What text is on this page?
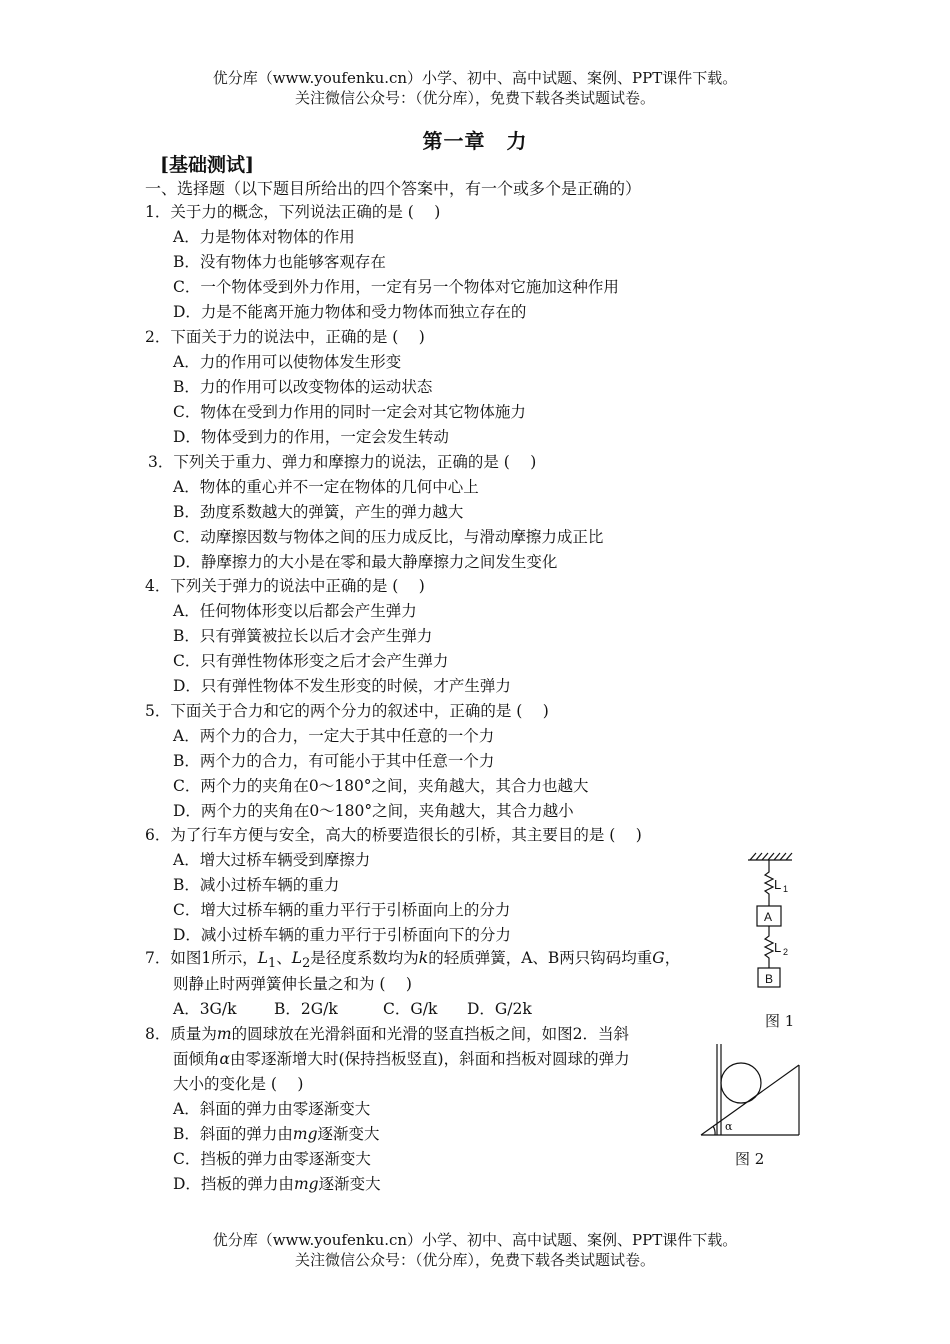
优分库（www.youfenku.cn）小学、初中、高中试题、案例、PPT课件下载。
关注微信公众号：（优分库），免费下载各类试题试卷。
第一章　力
[基础测试]
一、选择题（以下题目所给出的四个答案中，有一个或多个是正确的）
1．关于力的概念，下列说法正确的是 (　 )
A．力是物体对物体的作用
B．没有物体力也能够客观存在
C．一个物体受到外力作用，一定有另一个物体对它施加这种作用
D．力是不能离开施力物体和受力物体而独立存在的
2．下面关于力的说法中，正确的是 (　 )
A．力的作用可以使物体发生形变
B．力的作用可以改变物体的运动状态
C．物体在受到力作用的同时一定会对其它物体施力
D．物体受到力的作用，一定会发生转动
3．下列关于重力、弹力和摩擦力的说法，正确的是 (　 )
A．物体的重心并不一定在物体的几何中心上
B．劲度系数越大的弹簧，产生的弹力越大
C．动摩擦因数与物体之间的压力成反比，与滑动摩擦力成正比
D．静摩擦力的大小是在零和最大静摩擦力之间发生变化
4．下列关于弹力的说法中正确的是 (　 )
A．任何物体形变以后都会产生弹力
B．只有弹簧被拉长以后才会产生弹力
C．只有弹性物体形变之后才会产生弹力
D．只有弹性物体不发生形变的时候，才产生弹力
5．下面关于合力和它的两个分力的叙述中，正确的是 (　 )
A．两个力的合力，一定大于其中任意的一个力
B．两个力的合力，有可能小于其中任意一个力
C．两个力的夹角在0～180°之间，夹角越大，其合力也越大
D．两个力的夹角在0～180°之间，夹角越大，其合力越小
6．为了行车方便与安全，高大的桥要造很长的引桥，其主要目的是 (　 )
A．增大过桥车辆受到摩擦力
B．减小过桥车辆的重力
C．增大过桥车辆的重力平行于引桥面向上的分力
D．减小过桥车辆的重力平行于引桥面向下的分力
7．如图1所示，$L_1$、$L_2$是径度系数均为k的轻质弹簧，A、B两只钩码均重G，
则静止时两弹簧伸长量之和为 (　 )
A．3G/k B．2G/k	C．G/k D．G/2k
8．质量为m的圆球放在光滑斜面和光滑的竖直挡板之间，如图2．当斜
面倾角α由零逐渐增大时(保持挡板竖直)，斜面和挡板对圆球的弹力
大小的变化是 (　 )
A．斜面的弹力由零逐渐变大
B．斜面的弹力由mg逐渐变大
C．挡板的弹力由零逐渐变大
D．挡板的弹力由mg逐渐变大
L 1
L 2
A
B
图 1
α
图 2
优分库（www.youfenku.cn）小学、初中、高中试题、案例、PPT课件下载。
关注微信公众号：（优分库），免费下载各类试题试卷。
